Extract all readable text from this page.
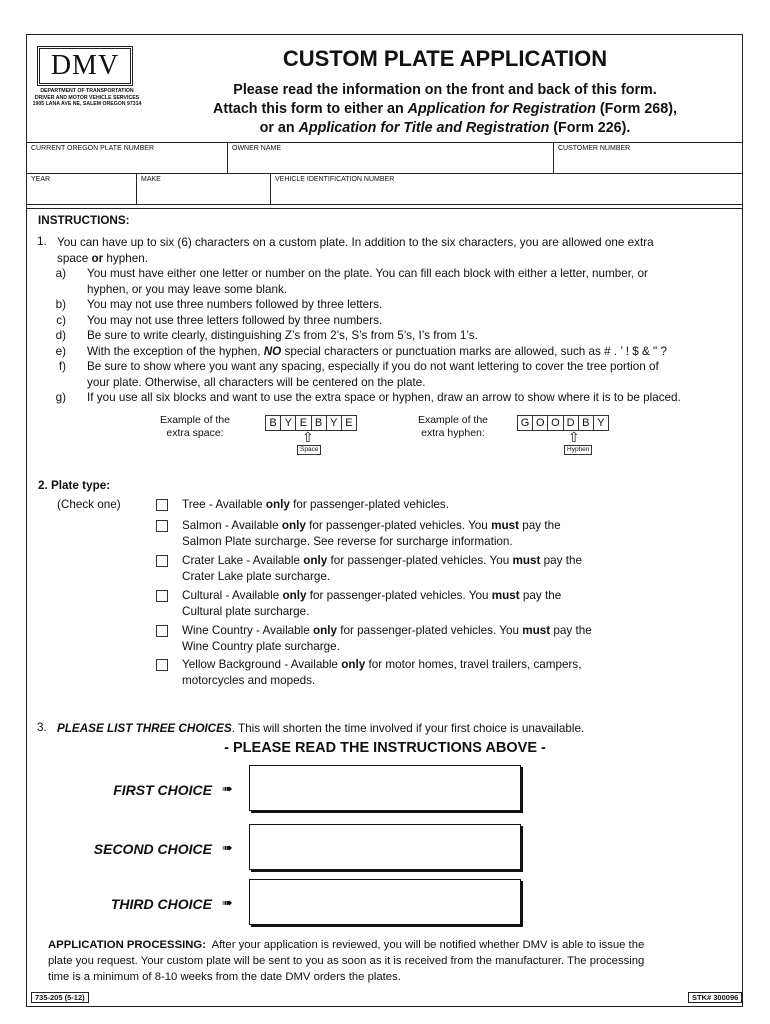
DMV
DEPARTMENT OF TRANSPORTATION
DRIVER AND MOTOR VEHICLE SERVICES
1905 LANA AVE NE, SALEM OREGON 97314
CUSTOM PLATE APPLICATION
Please read the information on the front and back of this form.
Attach this form to either an Application for Registration (Form 268),
or an Application for Title and Registration (Form 226).
CURRENT OREGON PLATE NUMBER	OWNER NAME	CUSTOMER NUMBER
YEAR	MAKE	VEHICLE IDENTIFICATION NUMBER
INSTRUCTIONS:
1. You can have up to six (6) characters on a custom plate. In addition to the six characters, you are allowed one extra
space or hyphen.
a) You must have either one letter or number on the plate. You can fill each block with either a letter, number, or
hyphen, or you may leave some blank.
b) You may not use three numbers followed by three letters.
c) You may not use three letters followed by three numbers.
d) Be sure to write clearly, distinguishing Z’s from 2’s, S’s from 5’s, I’s from 1’s.
e) With the exception of the hyphen, NO special characters or punctuation marks are allowed, such as # . ’ ! $ & " ?
f) Be sure to show where you want any spacing, especially if you do not want lettering to cover the tree portion of
your plate. Otherwise, all characters will be centered on the plate.
g) If you use all six blocks and want to use the extra space or hyphen, draw an arrow to show where it is to be placed.
Example of the
extra space:
B Y E B Y E
⇧
Space
Example of the
extra hyphen:
G O O D B Y
⇧
Hyphen
2. Plate type:
(Check one)	Tree - Available only for passenger-plated vehicles.
Salmon - Available only for passenger-plated vehicles. You must pay the
Salmon Plate surcharge. See reverse for surcharge information.
Crater Lake - Available only for passenger-plated vehicles. You must pay the
Crater Lake plate surcharge.
Cultural - Available only for passenger-plated vehicles. You must pay the
Cultural plate surcharge.
Wine Country - Available only for passenger-plated vehicles. You must pay the
Wine Country plate surcharge.
Yellow Background - Available only for motor homes, travel trailers, campers,
motorcycles and mopeds.
3. PLEASE LIST THREE CHOICES. This will shorten the time involved if your first choice is unavailable.
- PLEASE READ THE INSTRUCTIONS ABOVE -
FIRST CHOICE ➠
SECOND CHOICE ➠
THIRD CHOICE ➠
APPLICATION PROCESSING: After your application is reviewed, you will be notified whether DMV is able to issue the
plate you request. Your custom plate will be sent to you as soon as it is received from the manufacturer. The processing
time is a minimum of 8-10 weeks from the date DMV orders the plates.
735-205 (5-12)	STK# 300096
